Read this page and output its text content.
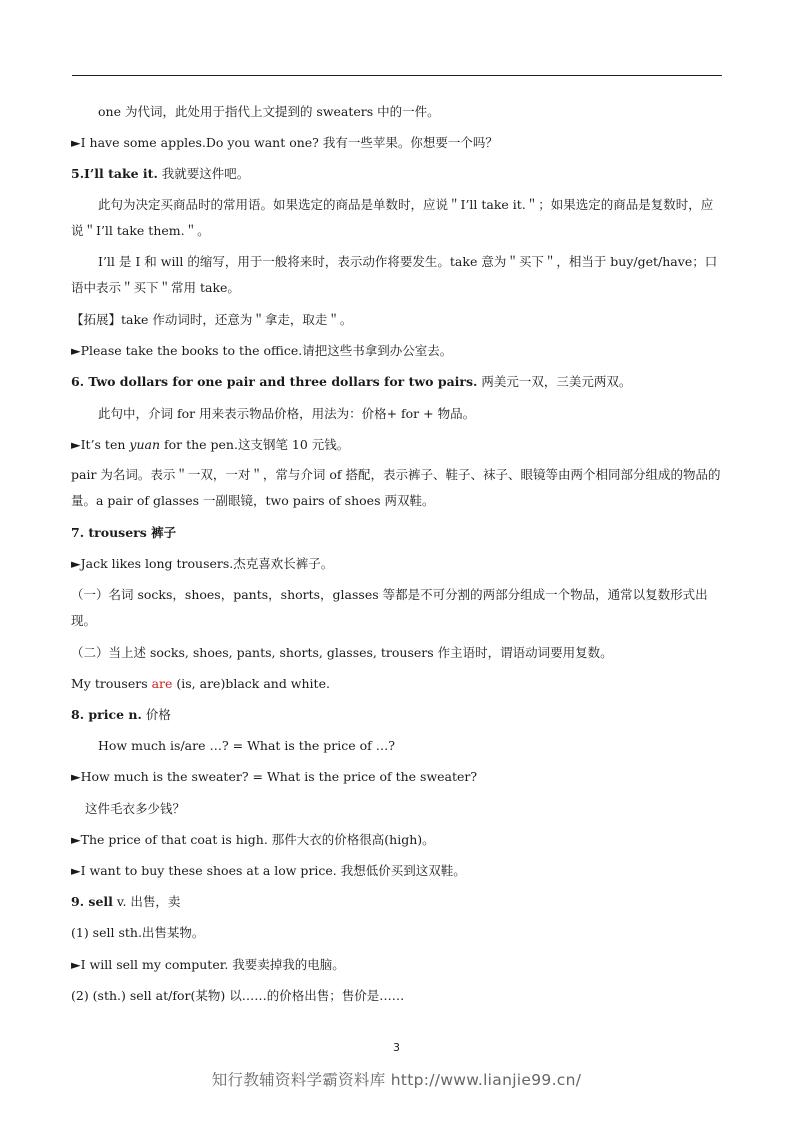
one 为代词，此处用于指代上文提到的 sweaters 中的一件。
►I have some apples.Do you want one? 我有一些苹果。你想要一个吗？
5.I’ll take it. 我就要这件吧。
此句为决定买商品时的常用语。如果选定的商品是单数时，应说＂I’ll take it.＂；如果选定的商品是复数时，应说＂I’ll take them.＂。
I’ll 是 I 和 will 的缩写，用于一般将来时，表示动作将要发生。take 意为＂买下＂，相当于 buy/get/have；口语中表示＂买下＂常用 take。
【拓展】take 作动词时，还意为＂拿走，取走＂。
►Please take the books to the office.请把这些书拿到办公室去。
6. Two dollars for one pair and three dollars for two pairs. 两美元一双，三美元两双。
此句中，介词 for 用来表示物品价格，用法为：价格+ for + 物品。
►It’s ten yuan for the pen.这支钢笔 10 元钱。
pair 为名词。表示＂一双，一对＂，常与介词 of 搭配，表示裤子、鞋子、袜子、眼镜等由两个相同部分组成的物品的量。a pair of glasses 一副眼镜，two pairs of shoes 两双鞋。
7. trousers 裤子
►Jack likes long trousers.杰克喜欢长裤子。
（一）名词 socks，shoes，pants，shorts，glasses 等都是不可分割的两部分组成一个物品，通常以复数形式出现。
（二）当上述 socks, shoes, pants, shorts, glasses, trousers 作主语时，谓语动词要用复数。
My trousers are (is, are)black and white.
8. price n. 价格
How much is/are …? = What is the price of …?
►How much is the sweater? = What is the price of the sweater?
这件毛衣多少钱？
►The price of that coat is high. 那件大衣的价格很高(high)。
►I want to buy these shoes at a low price. 我想低价买到这双鞋。
9. sell v. 出售，卖
(1) sell sth.出售某物。
►I will sell my computer. 我要卖掉我的电脑。
(2) (sth.) sell at/for(某物) 以……的价格出售；售价是……
3
知行教辅资料学霸资料库 http://www.lianjie99.cn/
